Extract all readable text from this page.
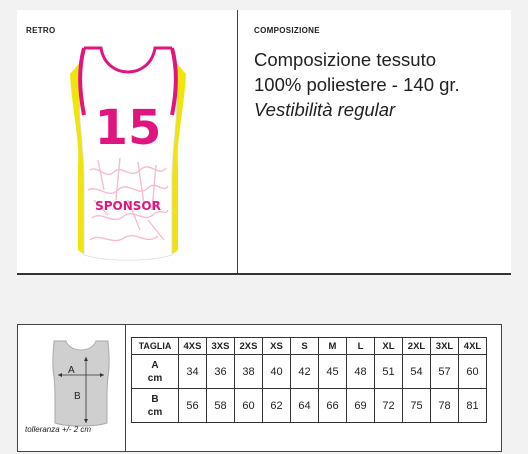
RETRO	COMPOSIZIONE
Composizione tessuto
100% poliestere - 140 gr.
Vestibilità regular
15
SPONSOR
A
B
tolleranza +/- 2 cm
TAGLIA	4XS	3XS	2XS	XS	S	M	L	XL	2XL	3XL	4XL
A
cm	34	36	38	40	42	45	48	51	54	57	60
B
cm	56	58	60	62	64	66	69	72	75	78	81
